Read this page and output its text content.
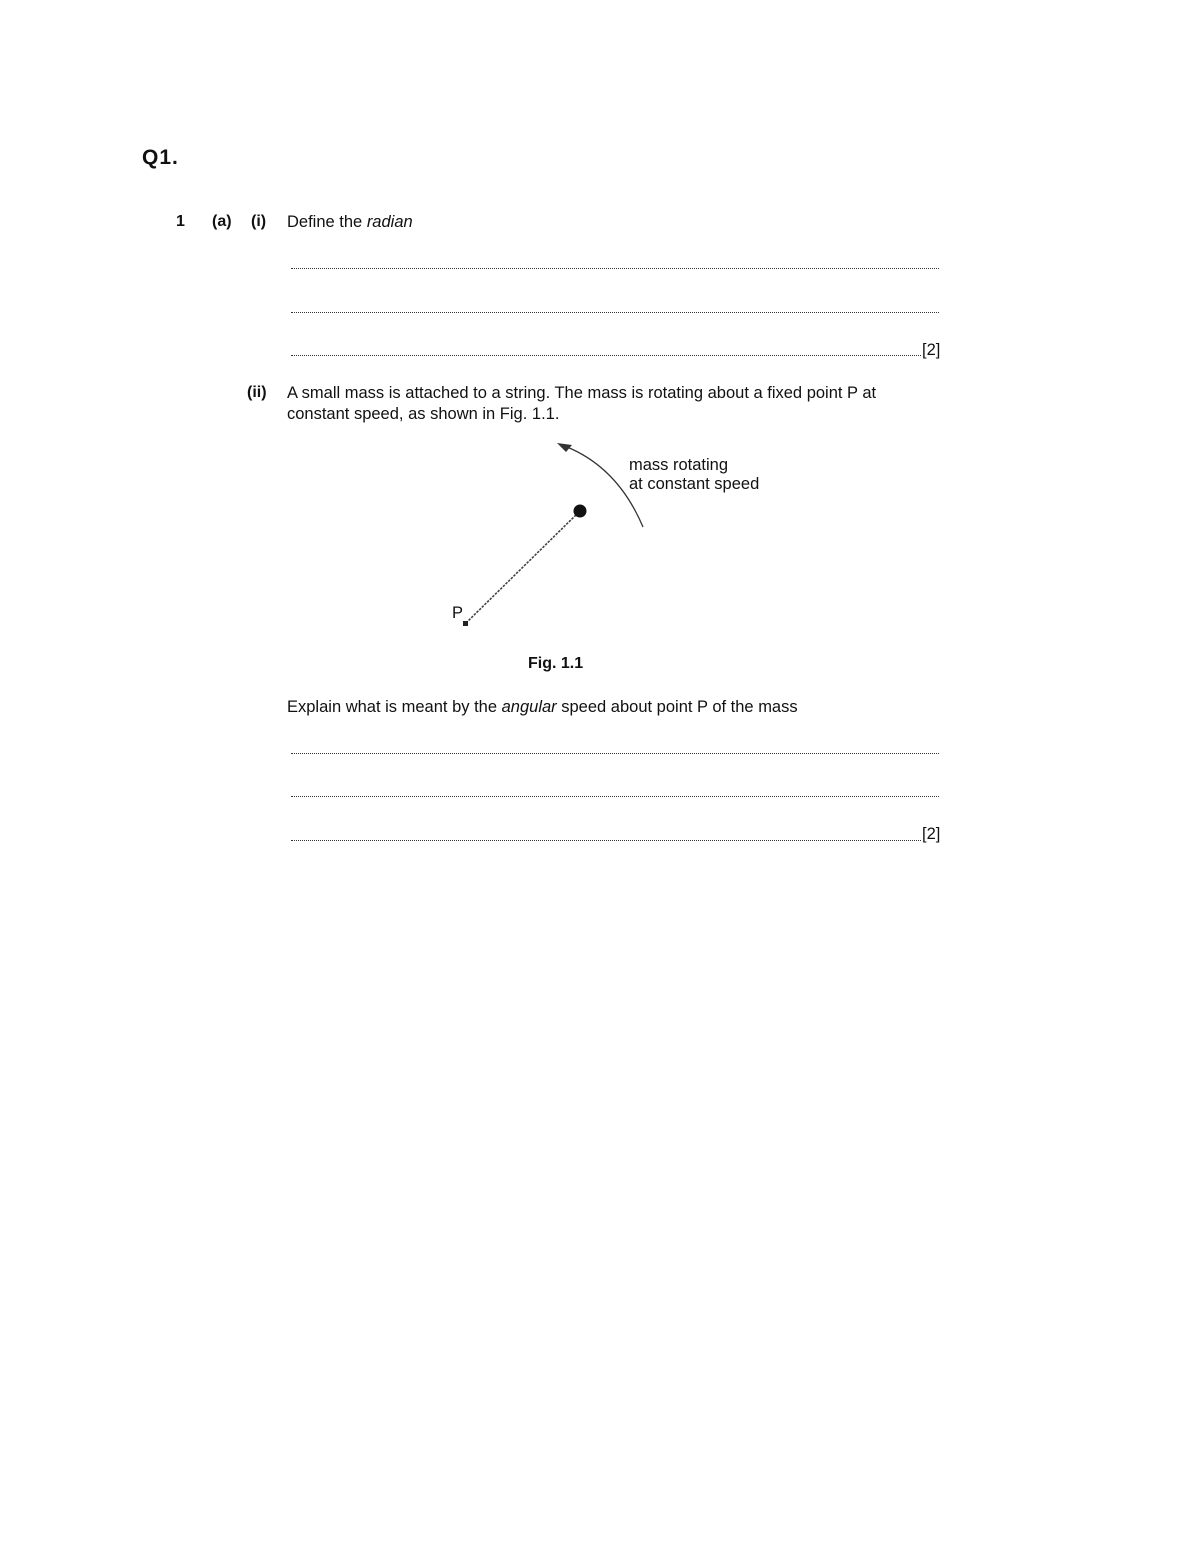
Q1.
1 (a) (i) Define the radian
[2]
(ii) A small mass is attached to a string. The mass is rotating about a fixed point P at
constant speed, as shown in Fig. 1.1.
mass rotating
at constant speed
P
Fig. 1.1
Explain what is meant by the angular speed about point P of the mass
[2]
